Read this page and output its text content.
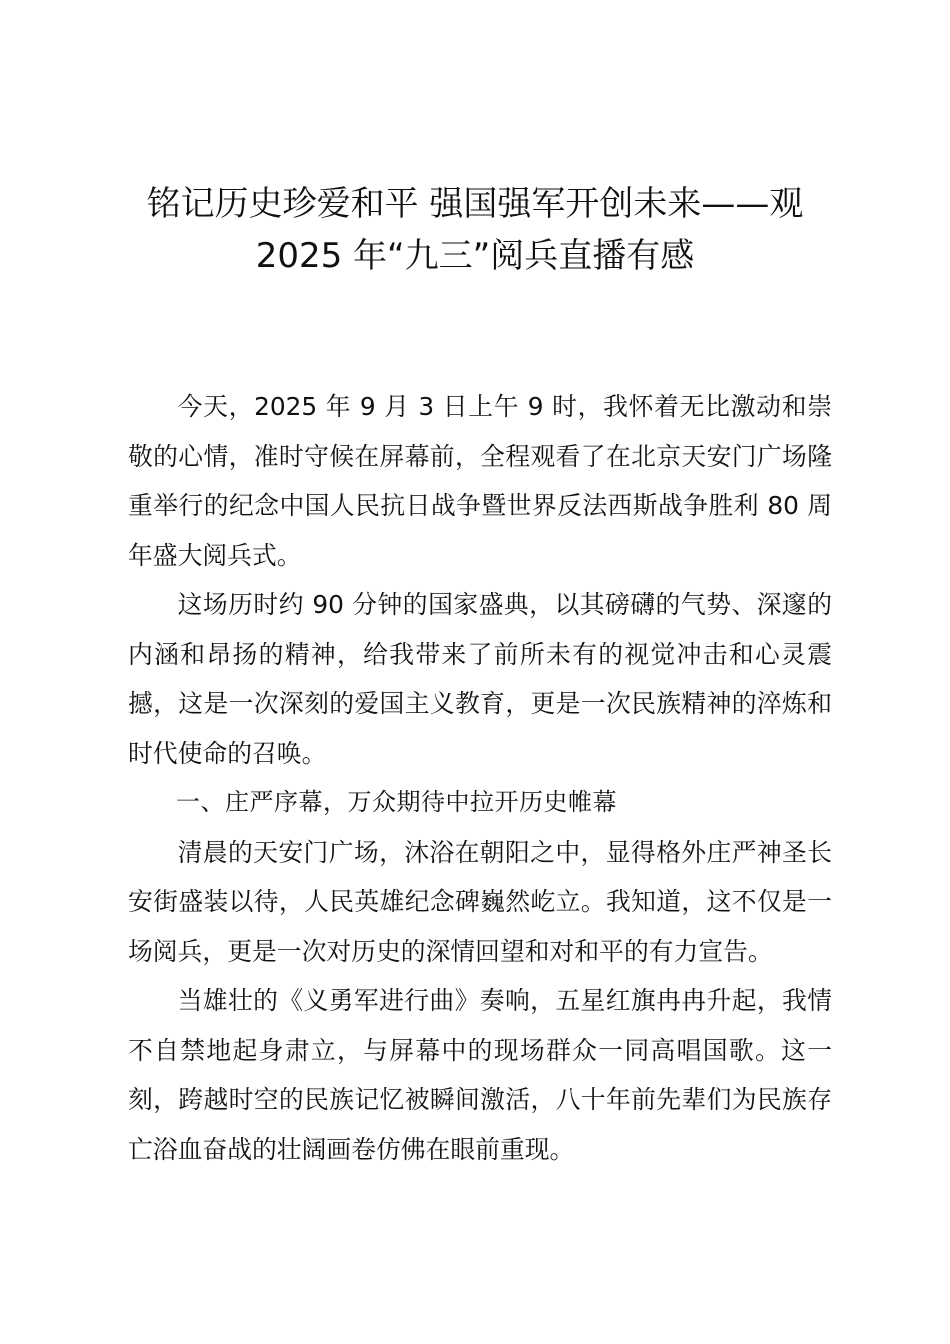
铭记历史珍爱和平 强国强军开创未来——观
2025 年“九三”阅兵直播有感

今天，2025 年 9 月 3 日上午 9 时，我怀着无比激动和崇敬的心情，准时守候在屏幕前，全程观看了在北京天安门广场隆重举行的纪念中国人民抗日战争暨世界反法西斯战争胜利 80 周年盛大阅兵式。

这场历时约 90 分钟的国家盛典，以其磅礴的气势、深邃的内涵和昂扬的精神，给我带来了前所未有的视觉冲击和心灵震撼，这是一次深刻的爱国主义教育，更是一次民族精神的淬炼和时代使命的召唤。

一、庄严序幕，万众期待中拉开历史帷幕

清晨的天安门广场，沐浴在朝阳之中，显得格外庄严神圣长安街盛装以待，人民英雄纪念碑巍然屹立。我知道，这不仅是一场阅兵，更是一次对历史的深情回望和对和平的有力宣告。

当雄壮的《义勇军进行曲》奏响，五星红旗冉冉升起，我情不自禁地起身肃立，与屏幕中的现场群众一同高唱国歌。这一刻，跨越时空的民族记忆被瞬间激活，八十年前先辈们为民族存亡浴血奋战的壮阔画卷仿佛在眼前重现。
